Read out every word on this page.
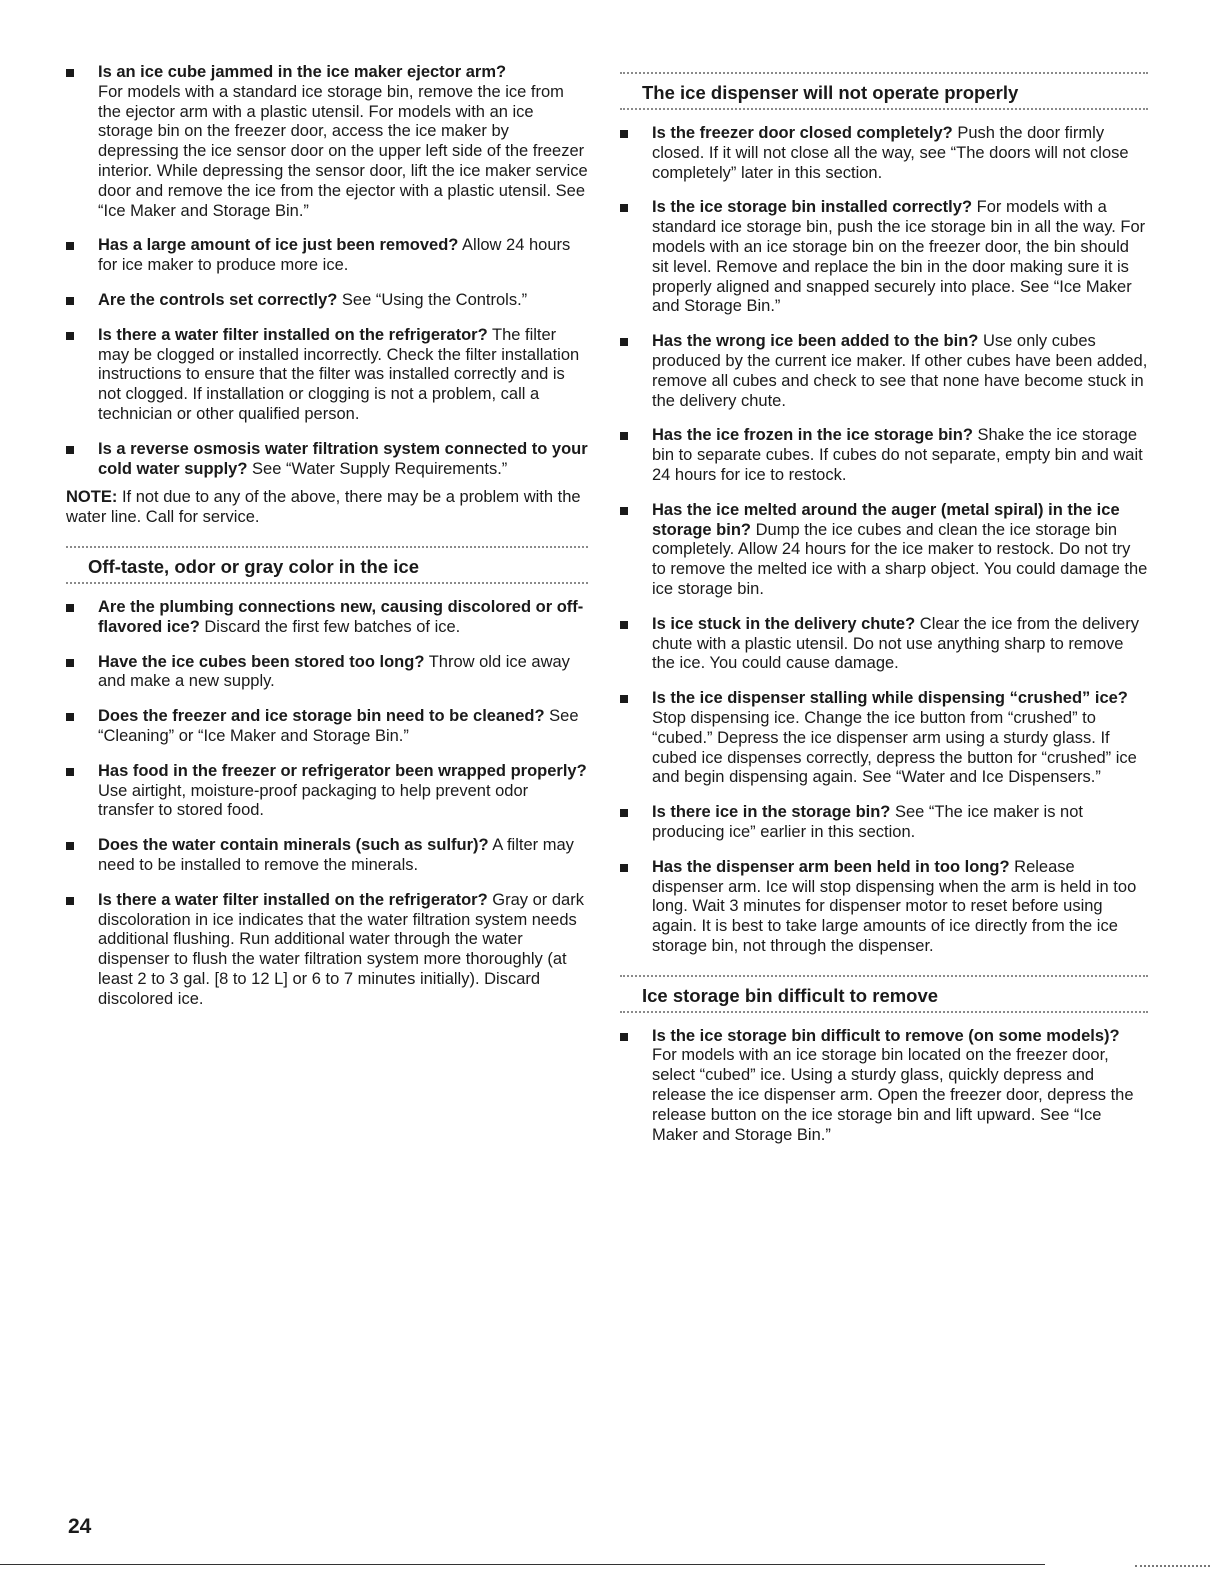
Is an ice cube jammed in the ice maker ejector arm?
For models with a standard ice storage bin, remove the ice from the ejector arm with a plastic utensil. For models with an ice storage bin on the freezer door, access the ice maker by depressing the ice sensor door on the upper left side of the freezer interior. While depressing the sensor door, lift the ice maker service door and remove the ice from the ejector with a plastic utensil. See “Ice Maker and Storage Bin.”
Has a large amount of ice just been removed? Allow 24 hours for ice maker to produce more ice.
Are the controls set correctly? See “Using the Controls.”
Is there a water filter installed on the refrigerator? The filter may be clogged or installed incorrectly. Check the filter installation instructions to ensure that the filter was installed correctly and is not clogged. If installation or clogging is not a problem, call a technician or other qualified person.
Is a reverse osmosis water filtration system connected to your cold water supply? See “Water Supply Requirements.”
NOTE: If not due to any of the above, there may be a problem with the water line. Call for service.
Off-taste, odor or gray color in the ice
Are the plumbing connections new, causing discolored or off-flavored ice? Discard the first few batches of ice.
Have the ice cubes been stored too long? Throw old ice away and make a new supply.
Does the freezer and ice storage bin need to be cleaned? See “Cleaning” or “Ice Maker and Storage Bin.”
Has food in the freezer or refrigerator been wrapped properly? Use airtight, moisture-proof packaging to help prevent odor transfer to stored food.
Does the water contain minerals (such as sulfur)? A filter may need to be installed to remove the minerals.
Is there a water filter installed on the refrigerator? Gray or dark discoloration in ice indicates that the water filtration system needs additional flushing. Run additional water through the water dispenser to flush the water filtration system more thoroughly (at least 2 to 3 gal. [8 to 12 L] or 6 to 7 minutes initially). Discard discolored ice.
The ice dispenser will not operate properly
Is the freezer door closed completely? Push the door firmly closed. If it will not close all the way, see “The doors will not close completely” later in this section.
Is the ice storage bin installed correctly? For models with a standard ice storage bin, push the ice storage bin in all the way. For models with an ice storage bin on the freezer door, the bin should sit level. Remove and replace the bin in the door making sure it is properly aligned and snapped securely into place. See “Ice Maker and Storage Bin.”
Has the wrong ice been added to the bin? Use only cubes produced by the current ice maker. If other cubes have been added, remove all cubes and check to see that none have become stuck in the delivery chute.
Has the ice frozen in the ice storage bin? Shake the ice storage bin to separate cubes. If cubes do not separate, empty bin and wait 24 hours for ice to restock.
Has the ice melted around the auger (metal spiral) in the ice storage bin? Dump the ice cubes and clean the ice storage bin completely. Allow 24 hours for the ice maker to restock. Do not try to remove the melted ice with a sharp object. You could damage the ice storage bin.
Is ice stuck in the delivery chute? Clear the ice from the delivery chute with a plastic utensil. Do not use anything sharp to remove the ice. You could cause damage.
Is the ice dispenser stalling while dispensing “crushed” ice? Stop dispensing ice. Change the ice button from “crushed” to “cubed.” Depress the ice dispenser arm using a sturdy glass. If cubed ice dispenses correctly, depress the button for “crushed” ice and begin dispensing again. See “Water and Ice Dispensers.”
Is there ice in the storage bin? See “The ice maker is not producing ice” earlier in this section.
Has the dispenser arm been held in too long? Release dispenser arm. Ice will stop dispensing when the arm is held in too long. Wait 3 minutes for dispenser motor to reset before using again. It is best to take large amounts of ice directly from the ice storage bin, not through the dispenser.
Ice storage bin difficult to remove
Is the ice storage bin difficult to remove (on some models)? For models with an ice storage bin located on the freezer door, select “cubed” ice. Using a sturdy glass, quickly depress and release the ice dispenser arm. Open the freezer door, depress the release button on the ice storage bin and lift upward. See “Ice Maker and Storage Bin.”
24
